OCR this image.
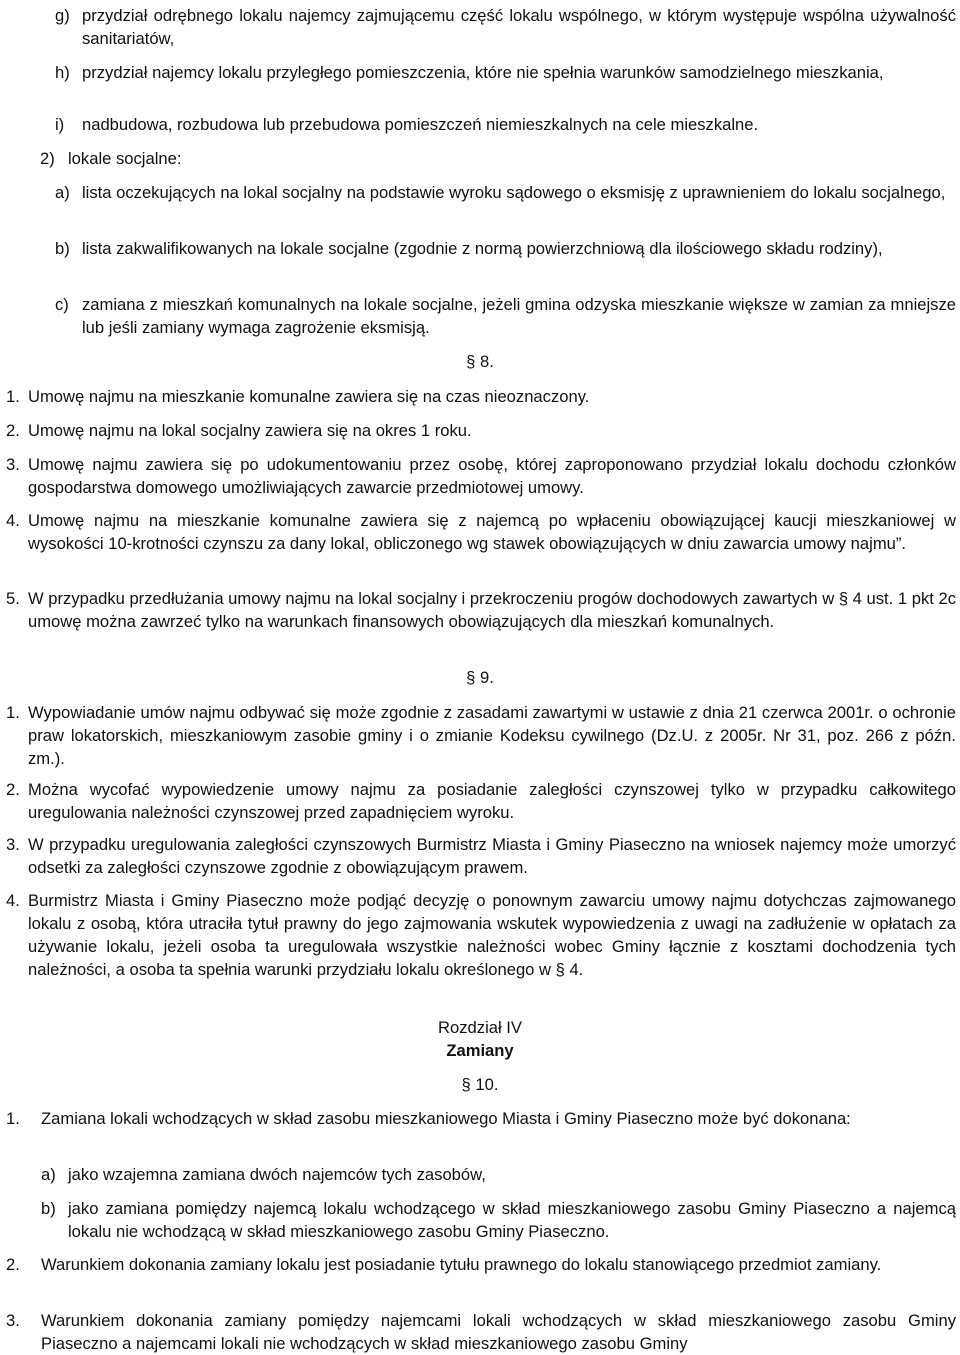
g) przydział odrębnego lokalu najemcy zajmującemu część lokalu wspólnego, w którym występuje wspólna używalność sanitariatów,
h) przydział najemcy lokalu przyległego pomieszczenia, które nie spełnia warunków samodzielnego mieszkania,
i) nadbudowa, rozbudowa lub przebudowa pomieszczeń niemieszkalnych na cele mieszkalne.
2) lokale socjalne:
a) lista oczekujących na lokal socjalny na podstawie wyroku sądowego o eksmisję z uprawnieniem do lokalu socjalnego,
b) lista zakwalifikowanych na lokale socjalne (zgodnie z normą powierzchniową dla ilościowego składu rodziny),
c) zamiana z mieszkań komunalnych na lokale socjalne, jeżeli gmina odzyska mieszkanie większe w zamian za mniejsze lub jeśli zamiany wymaga zagrożenie eksmisją.
§ 8.
1. Umowę najmu na mieszkanie komunalne zawiera się na czas nieoznaczony.
2. Umowę najmu na lokal socjalny zawiera się na okres 1 roku.
3. Umowę najmu zawiera się po udokumentowaniu przez osobę, której zaproponowano przydział lokalu dochodu członków gospodarstwa domowego umożliwiających zawarcie przedmiotowej umowy.
4. Umowę najmu na mieszkanie komunalne zawiera się z najemcą po wpłaceniu obowiązującej kaucji mieszkaniowej w wysokości 10-krotności czynszu za dany lokal, obliczonego wg stawek obowiązujących w dniu zawarcia umowy najmu”.
5. W przypadku przedłużania umowy najmu na lokal socjalny i przekroczeniu progów dochodowych zawartych w § 4 ust. 1 pkt 2c umowę można zawrzeć tylko na warunkach finansowych obowiązujących dla mieszkań komunalnych.
§ 9.
1. Wypowiadanie umów najmu odbywać się może zgodnie z zasadami zawartymi w ustawie z dnia 21 czerwca 2001r. o ochronie praw lokatorskich, mieszkaniowym zasobie gminy i o zmianie Kodeksu cywilnego (Dz.U. z 2005r. Nr 31, poz. 266 z późn. zm.).
2. Można wycofać wypowiedzenie umowy najmu za posiadanie zaległości czynszowej tylko w przypadku całkowitego uregulowania należności czynszowej przed zapadnięciem wyroku.
3. W przypadku uregulowania zaległości czynszowych Burmistrz Miasta i Gminy Piaseczno na wniosek najemcy może umorzyć odsetki za zaległości czynszowe zgodnie z obowiązującym prawem.
4. Burmistrz Miasta i Gminy Piaseczno może podjąć decyzję o ponownym zawarciu umowy najmu dotychczas zajmowanego lokalu z osobą, która utraciła tytuł prawny do jego zajmowania wskutek wypowiedzenia z uwagi na zadłużenie w opłatach za używanie lokalu, jeżeli osoba ta uregulowała wszystkie należności wobec Gminy łącznie z kosztami dochodzenia tych należności, a osoba ta spełnia warunki przydziału lokalu określonego w § 4.
Rozdział IV
Zamiany
§ 10.
1. Zamiana lokali wchodzących w skład zasobu mieszkaniowego Miasta i Gminy Piaseczno może być dokonana:
a) jako wzajemna zamiana dwóch najemców tych zasobów,
b) jako zamiana pomiędzy najemcą lokalu wchodzącego w skład mieszkaniowego zasobu Gminy Piaseczno a najemcą lokalu nie wchodzącą w skład mieszkaniowego zasobu Gminy Piaseczno.
2. Warunkiem dokonania zamiany lokalu jest posiadanie tytułu prawnego do lokalu stanowiącego przedmiot zamiany.
3. Warunkiem dokonania zamiany pomiędzy najemcami lokali wchodzących w skład mieszkaniowego zasobu Gminy Piaseczno a najemcami lokali nie wchodzących w skład mieszkaniowego zasobu Gminy
